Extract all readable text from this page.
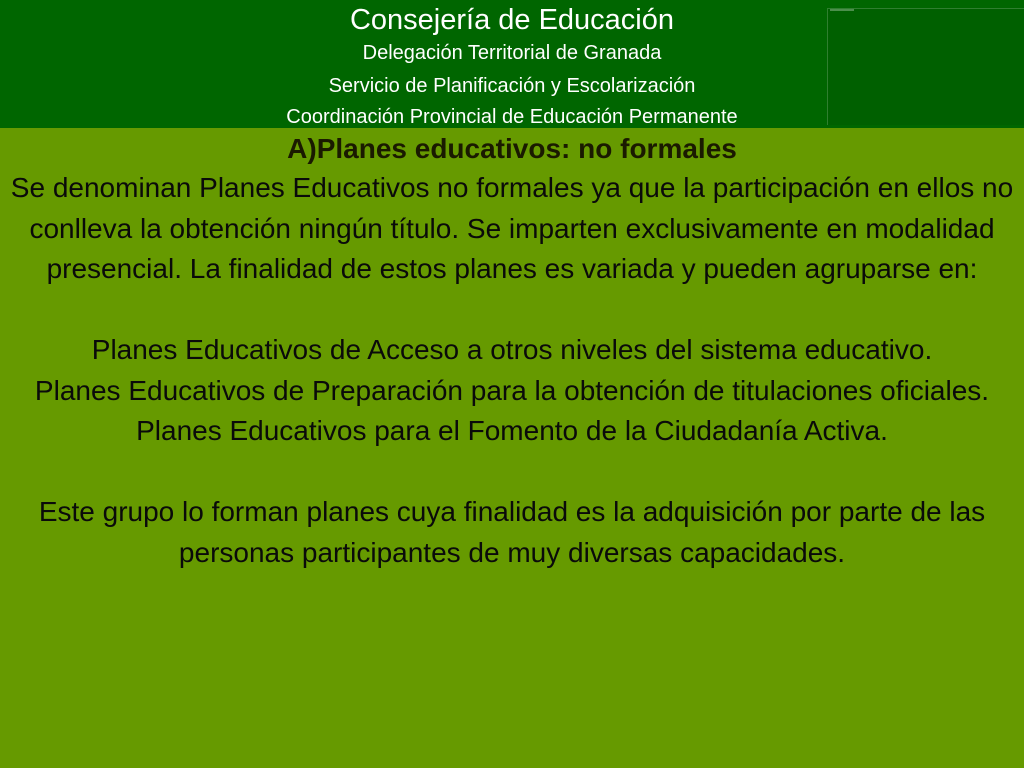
Consejería de Educación
Delegación Territorial de Granada
Servicio de Planificación y Escolarización
Coordinación Provincial de Educación Permanente
A)Planes educativos: no formales

Se denominan Planes Educativos no formales ya que la participación en ellos no conlleva la obtención ningún título. Se imparten exclusivamente en modalidad presencial. La finalidad de estos planes es variada y pueden agruparse en:

Planes Educativos de Acceso a otros niveles del sistema educativo.

Planes Educativos de Preparación para la obtención de titulaciones oficiales.

Planes Educativos para el Fomento de la Ciudadanía Activa.

Este grupo lo forman planes cuya finalidad es la adquisición por parte de las personas participantes de muy diversas capacidades.
